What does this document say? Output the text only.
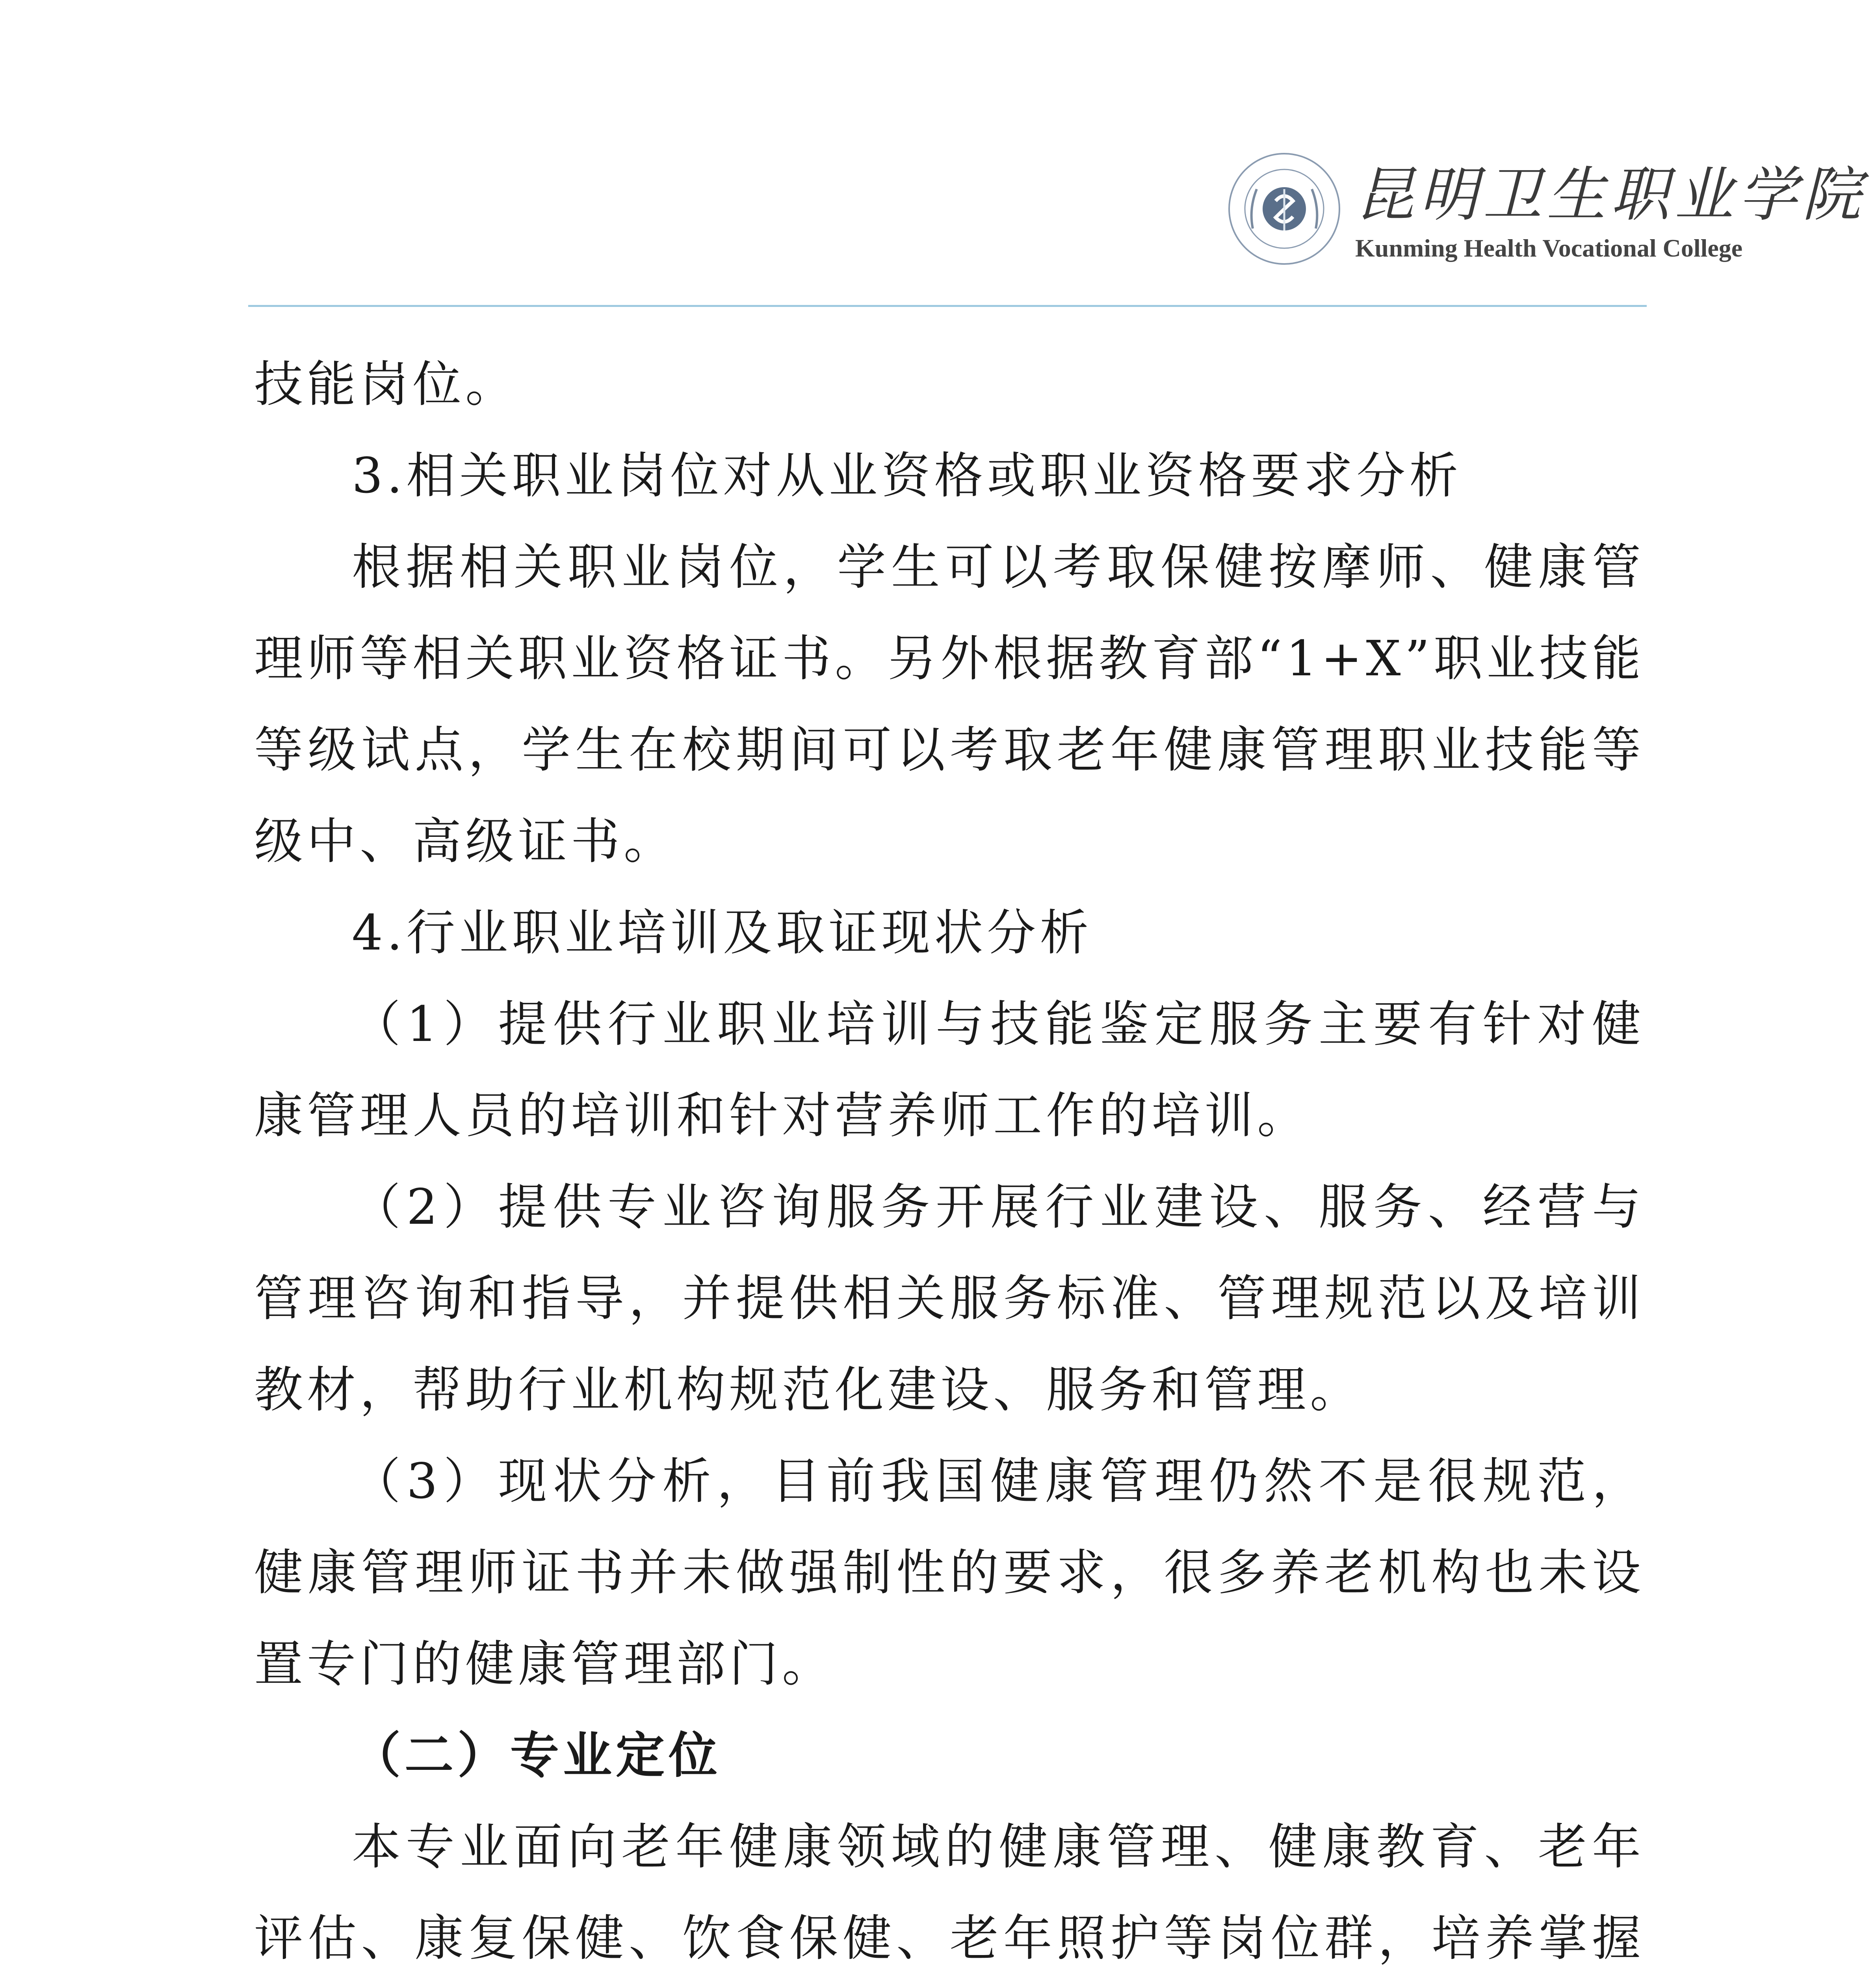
昆明卫生职业学院
Kunming Health Vocational College

技能岗位。

3.相关职业岗位对从业资格或职业资格要求分析

根据相关职业岗位，学生可以考取保健按摩师、健康管理师等相关职业资格证书。另外根据教育部“1+X”职业技能等级试点，学生在校期间可以考取老年健康管理职业技能等级中、高级证书。

4.行业职业培训及取证现状分析

（1）提供行业职业培训与技能鉴定服务主要有针对健康管理人员的培训和针对营养师工作的培训。

（2）提供专业咨询服务开展行业建设、服务、经营与管理咨询和指导，并提供相关服务标准、管理规范以及培训教材，帮助行业机构规范化建设、服务和管理。

（3）现状分析，目前我国健康管理仍然不是很规范，健康管理师证书并未做强制性的要求，很多养老机构也未设置专门的健康管理部门。

（二）专业定位

本专业面向老年健康领域的健康管理、健康教育、老年评估、康复保健、饮食保健、老年照护等岗位群，培养掌握
